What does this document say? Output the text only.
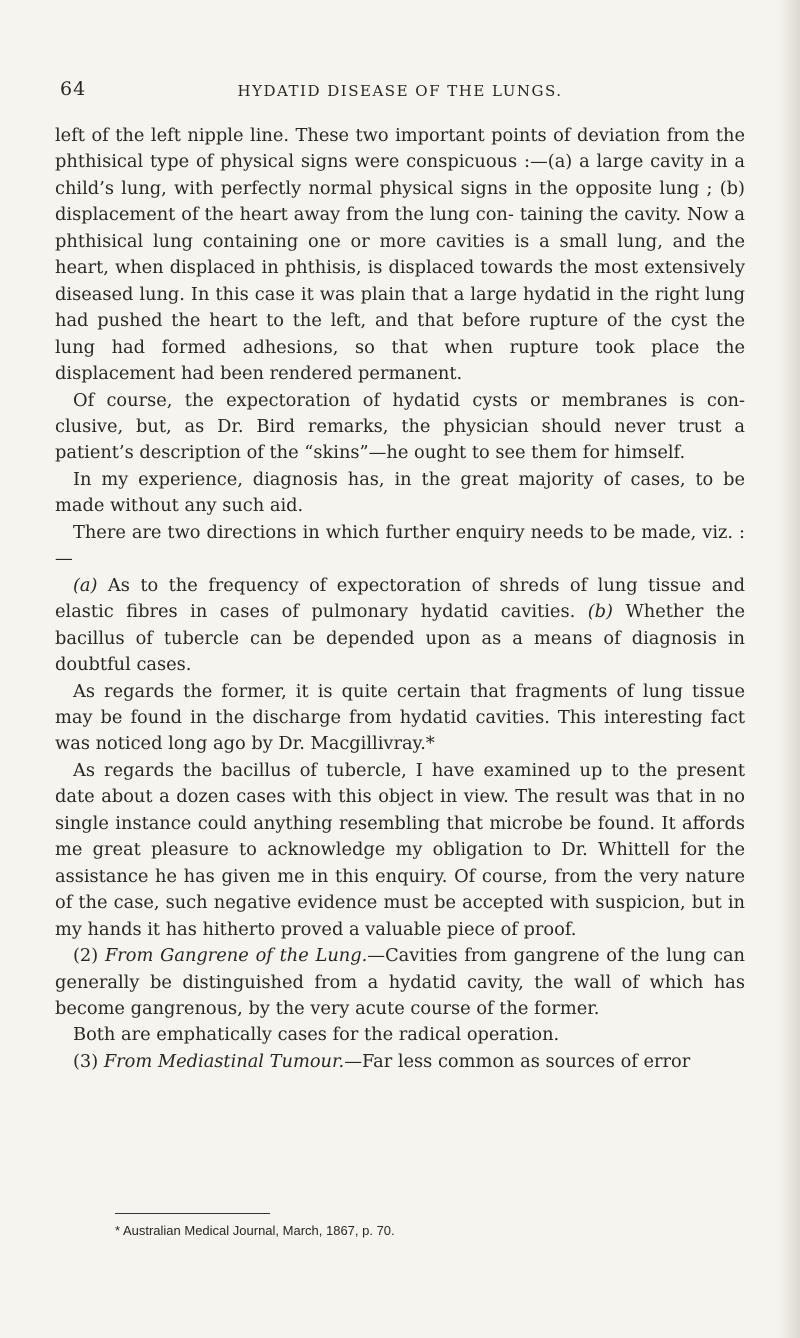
64	HYDATID DISEASE OF THE LUNGS.

left of the left nipple line. These two important points of deviation from the phthisical type of physical signs were conspicuous :—(a) a large cavity in a child’s lung, with perfectly normal physical signs in the opposite lung ; (b) displacement of the heart away from the lung con- taining the cavity. Now a phthisical lung containing one or more cavities is a small lung, and the heart, when displaced in phthisis, is displaced towards the most extensively diseased lung. In this case it was plain that a large hydatid in the right lung had pushed the heart to the left, and that before rupture of the cyst the lung had formed adhesions, so that when rupture took place the displacement had been rendered permanent.

Of course, the expectoration of hydatid cysts or membranes is con- clusive, but, as Dr. Bird remarks, the physician should never trust a patient’s description of the “skins”—he ought to see them for himself.

In my experience, diagnosis has, in the great majority of cases, to be made without any such aid.

There are two directions in which further enquiry needs to be made, viz. :—

(a) As to the frequency of expectoration of shreds of lung tissue and elastic fibres in cases of pulmonary hydatid cavities. (b) Whether the bacillus of tubercle can be depended upon as a means of diagnosis in doubtful cases.

As regards the former, it is quite certain that fragments of lung tissue may be found in the discharge from hydatid cavities. This interesting fact was noticed long ago by Dr. Macgillivray.*

As regards the bacillus of tubercle, I have examined up to the present date about a dozen cases with this object in view. The result was that in no single instance could anything resembling that microbe be found. It affords me great pleasure to acknowledge my obligation to Dr. Whittell for the assistance he has given me in this enquiry. Of course, from the very nature of the case, such negative evidence must be accepted with suspicion, but in my hands it has hitherto proved a valuable piece of proof.

(2) From Gangrene of the Lung.—Cavities from gangrene of the lung can generally be distinguished from a hydatid cavity, the wall of which has become gangrenous, by the very acute course of the former.

Both are emphatically cases for the radical operation.

(3) From Mediastinal Tumour.—Far less common as sources of error

* Australian Medical Journal, March, 1867, p. 70.
